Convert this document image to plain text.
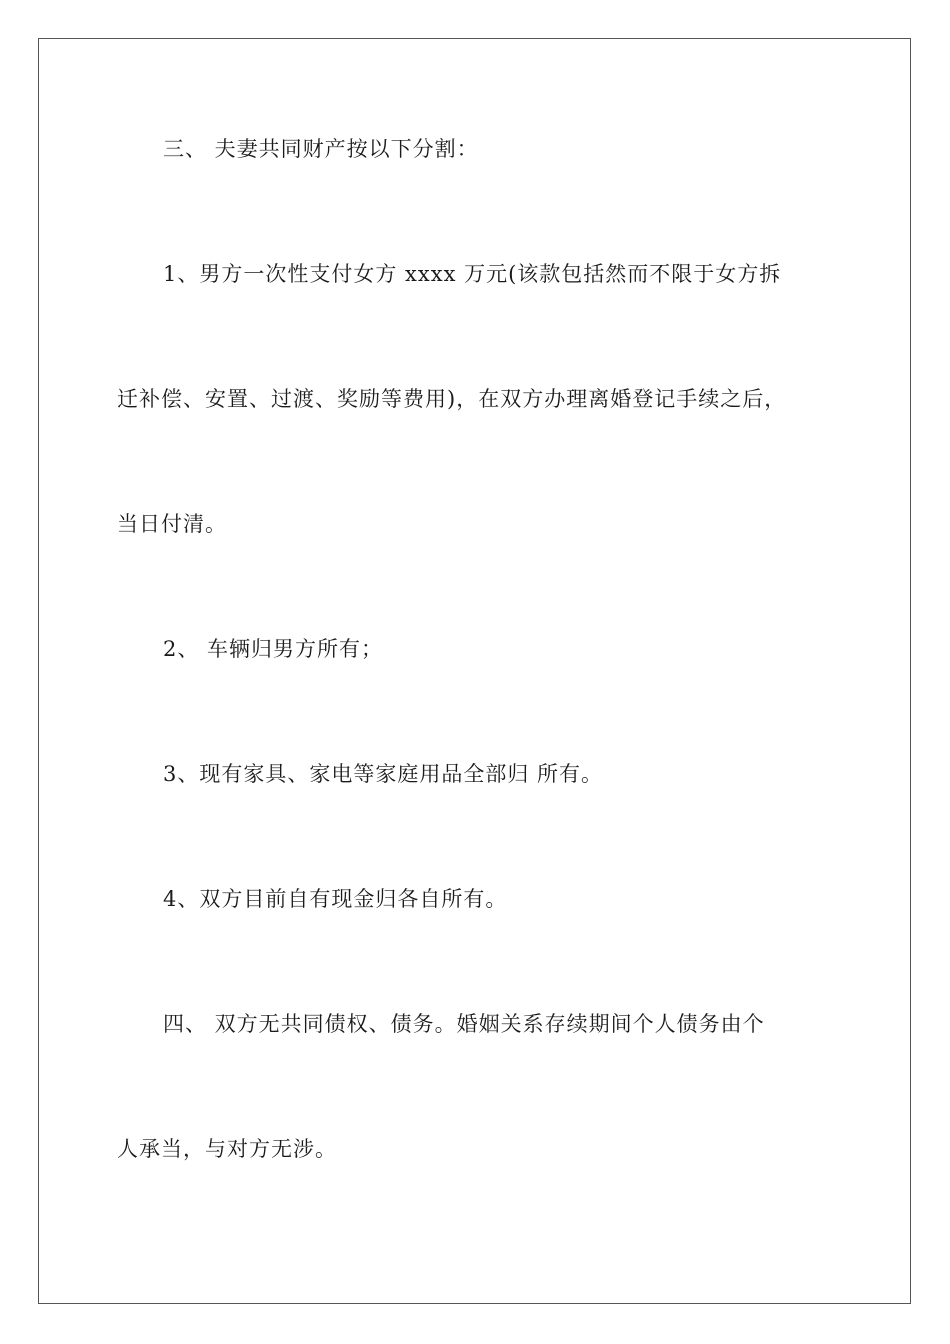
三、 夫妻共同财产按以下分割：
1、男方一次性支付女方 xxxx 万元(该款包括然而不限于女方拆
迁补偿、安置、过渡、奖励等费用)，在双方办理离婚登记手续之后，
当日付清。
2、 车辆归男方所有；
3、现有家具、家电等家庭用品全部归 所有。
4、双方目前自有现金归各自所有。
四、 双方无共同债权、债务。婚姻关系存续期间个人债务由个
人承当，与对方无涉。
